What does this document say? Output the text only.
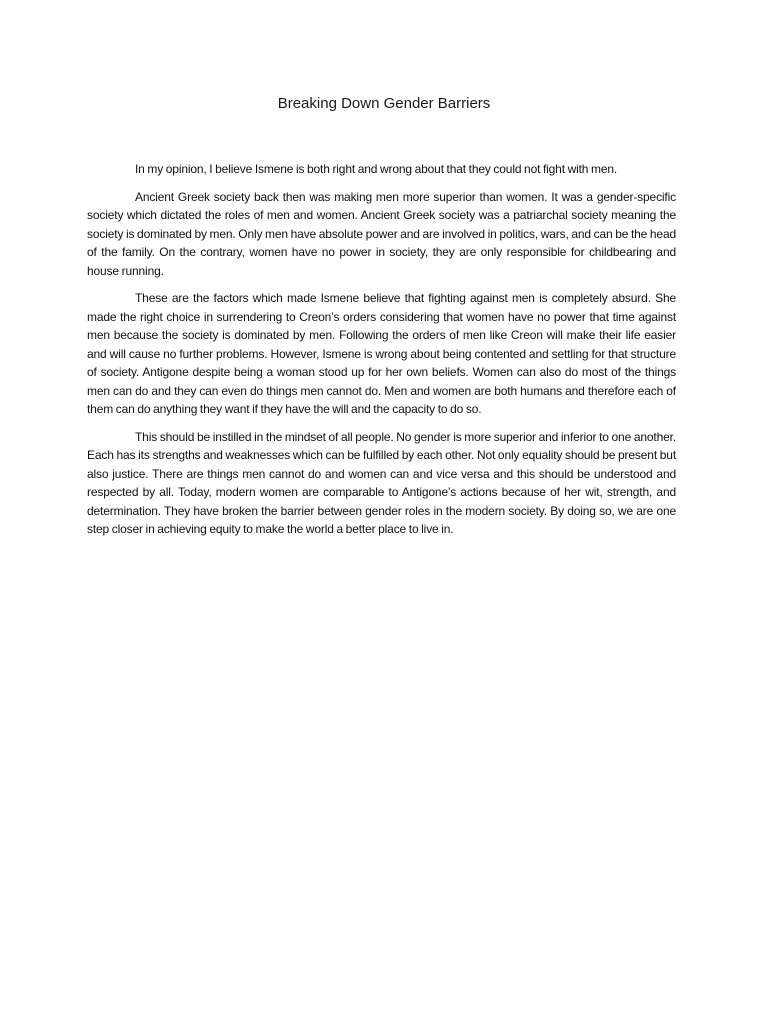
Breaking Down Gender Barriers

In my opinion, I believe Ismene is both right and wrong about that they could not fight with men.

Ancient Greek society back then was making men more superior than women. It was a gender-specific society which dictated the roles of men and women. Ancient Greek society was a patriarchal society meaning the society is dominated by men. Only men have absolute power and are involved in politics, wars, and can be the head of the family. On the contrary, women have no power in society, they are only responsible for childbearing and house running.

These are the factors which made Ismene believe that fighting against men is completely absurd. She made the right choice in surrendering to Creon’s orders considering that women have no power that time against men because the society is dominated by men. Following the orders of men like Creon will make their life easier and will cause no further problems. However, Ismene is wrong about being contented and settling for that structure of society. Antigone despite being a woman stood up for her own beliefs. Women can also do most of the things men can do and they can even do things men cannot do. Men and women are both humans and therefore each of them can do anything they want if they have the will and the capacity to do so.

This should be instilled in the mindset of all people. No gender is more superior and inferior to one another. Each has its strengths and weaknesses which can be fulfilled by each other. Not only equality should be present but also justice. There are things men cannot do and women can and vice versa and this should be understood and respected by all. Today, modern women are comparable to Antigone’s actions because of her wit, strength, and determination. They have broken the barrier between gender roles in the modern society. By doing so, we are one step closer in achieving equity to make the world a better place to live in.
